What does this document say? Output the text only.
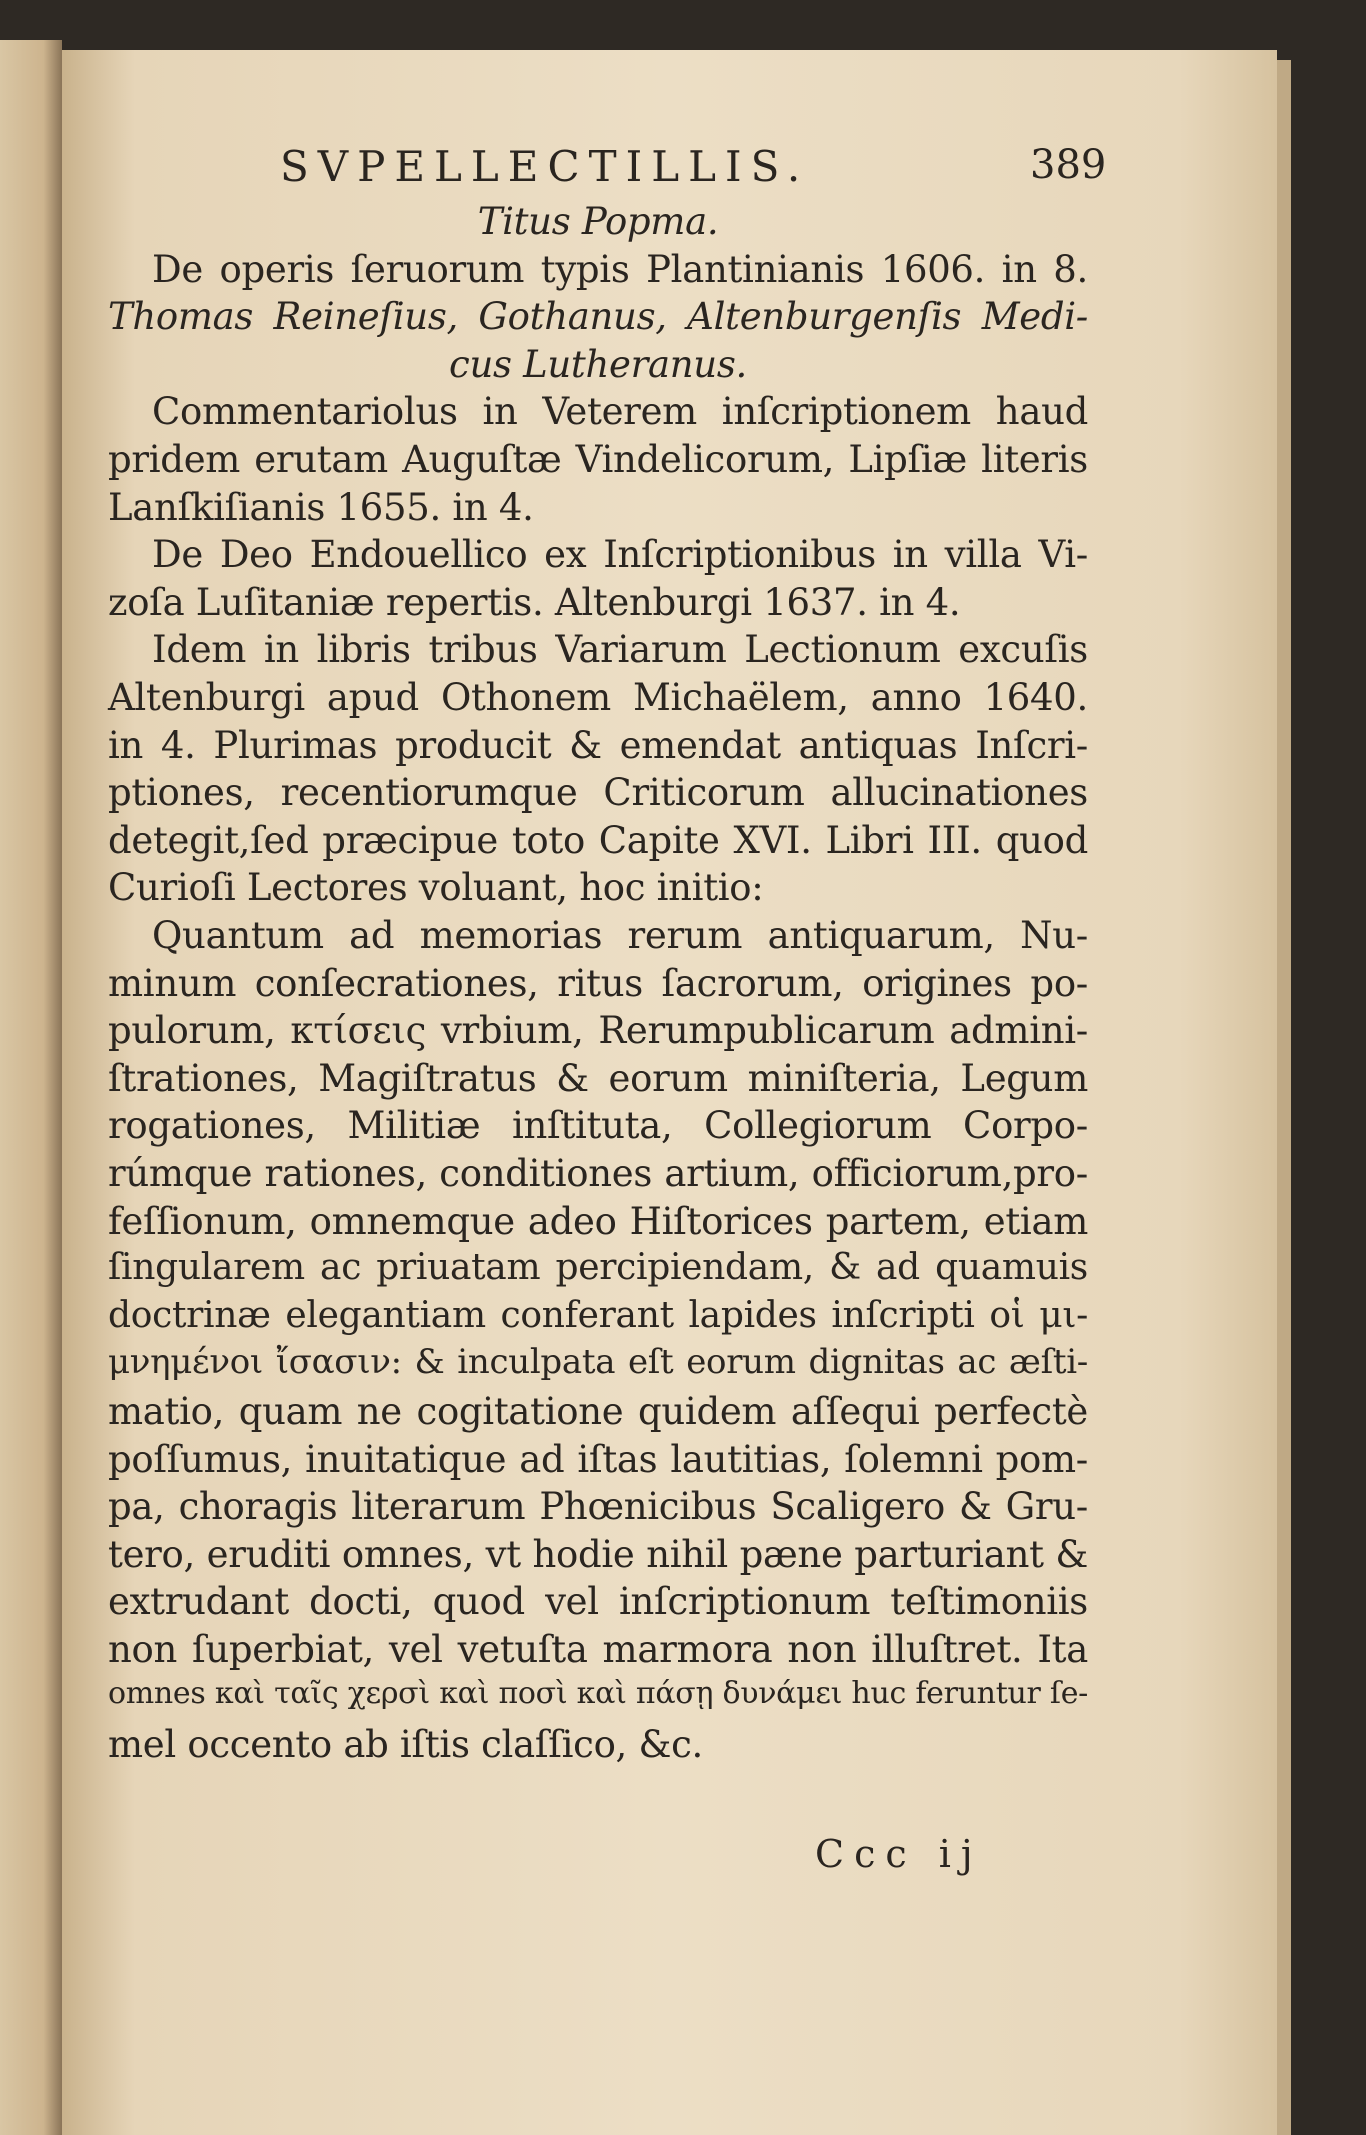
SVPELLECTILLIS.	389
Titus Popma.
De operis ſeruorum typis Plantinianis 1606. in 8.
Thomas Reineſius, Gothanus, Altenburgenſis Medi-
cus Lutheranus.
Commentariolus in Veterem inſcriptionem haud
pridem erutam Auguſtæ Vindelicorum, Lipſiæ literis
Lanſkiſianis 1655. in 4.
De Deo Endouellico ex Inſcriptionibus in villa Vi-
zoſa Luſitaniæ repertis. Altenburgi 1637. in 4.
Idem in libris tribus Variarum Lectionum excuſis
Altenburgi apud Othonem Michaëlem, anno 1640.
in 4. Plurimas producit & emendat antiquas Inſcri-
ptiones, recentiorumque Criticorum allucinationes
detegit,ſed præcipue toto Capite XVI. Libri III. quod
Curioſi Lectores voluant, hoc initio:
Quantum ad memorias rerum antiquarum, Nu-
minum conſecrationes, ritus ſacrorum, origines po-
pulorum, κτίσεις vrbium, Rerumpublicarum admini-
ſtrationes, Magiſtratus & eorum miniſteria, Legum
rogationes, Militiæ inſtituta, Collegiorum Corpo-
rúmque rationes, conditiones artium, officiorum,pro-
feſſionum, omnemque adeo Hiſtorices partem, etiam
ſingularem ac priuatam percipiendam, & ad quamuis
doctrinæ elegantiam conferant lapides inſcripti οἱ μι-
μνημένοι ἴσασιν: & inculpata eſt eorum dignitas ac æſti-
matio, quam ne cogitatione quidem aſſequi perfectè
poſſumus, inuitatique ad iſtas lautitias, ſolemni pom-
pa, choragis literarum Phœnicibus Scaligero & Gru-
tero, eruditi omnes, vt hodie nihil pæne parturiant &
extrudant docti, quod vel inſcriptionum teſtimoniis
non ſuperbiat, vel vetuſta marmora non illuſtret. Ita
omnes καὶ ταῖς χερσὶ καὶ ποσὶ καὶ πάσῃ δυνάμει huc feruntur ſe-
mel occento ab iſtis claſſico, &c.
Ccc ij
